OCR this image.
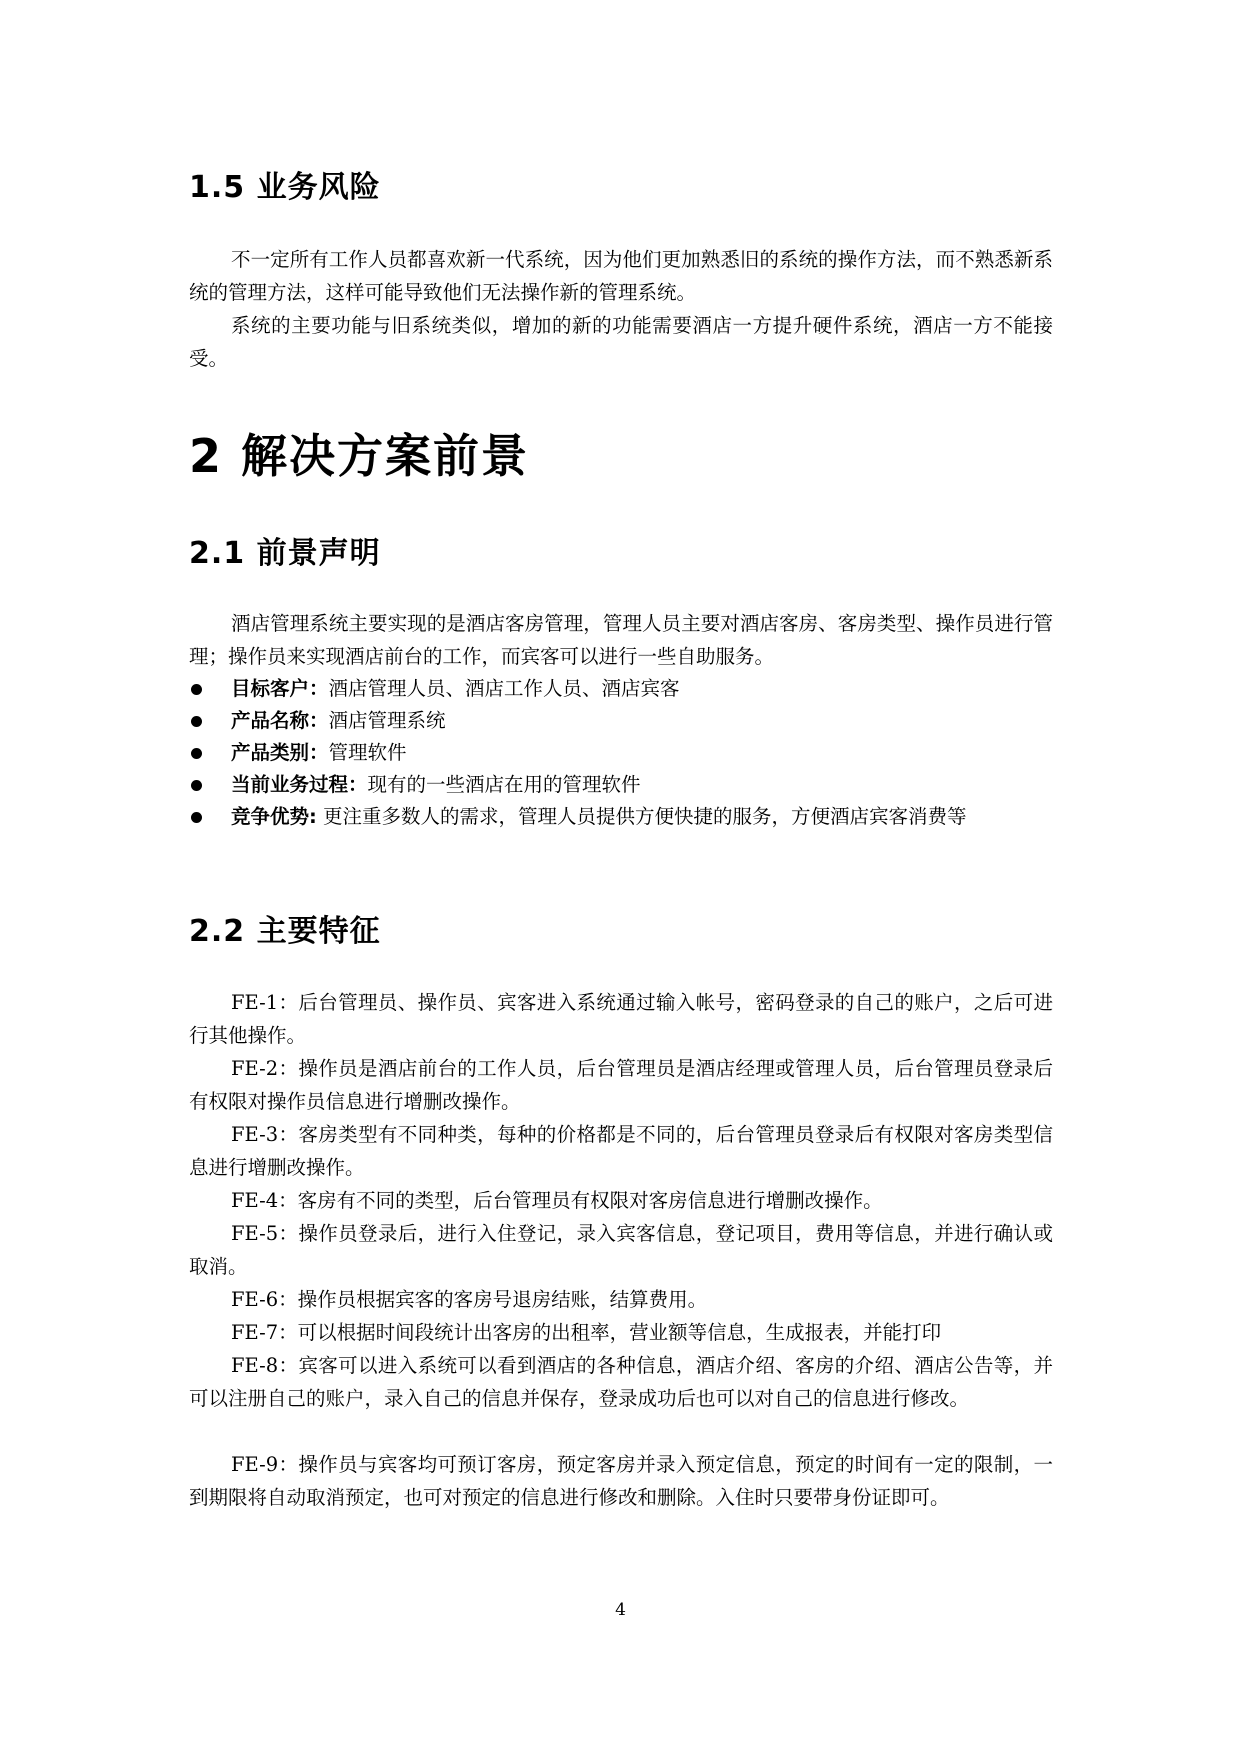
1.5 业务风险
不一定所有工作人员都喜欢新一代系统，因为他们更加熟悉旧的系统的操作方法，而不熟悉新系统的管理方法，这样可能导致他们无法操作新的管理系统。
系统的主要功能与旧系统类似，增加的新的功能需要酒店一方提升硬件系统，酒店一方不能接受。
2 解决方案前景
2.1 前景声明
酒店管理系统主要实现的是酒店客房管理，管理人员主要对酒店客房、客房类型、操作员进行管理；操作员来实现酒店前台的工作，而宾客可以进行一些自助服务。
目标客户：酒店管理人员、酒店工作人员、酒店宾客
产品名称：酒店管理系统
产品类别：管理软件
当前业务过程：现有的一些酒店在用的管理软件
竞争优势: 更注重多数人的需求，管理人员提供方便快捷的服务，方便酒店宾客消费等
2.2 主要特征
FE-1：后台管理员、操作员、宾客进入系统通过输入帐号，密码登录的自己的账户，之后可进行其他操作。
FE-2：操作员是酒店前台的工作人员，后台管理员是酒店经理或管理人员，后台管理员登录后有权限对操作员信息进行增删改操作。
FE-3：客房类型有不同种类，每种的价格都是不同的，后台管理员登录后有权限对客房类型信息进行增删改操作。
FE-4：客房有不同的类型，后台管理员有权限对客房信息进行增删改操作。
FE-5：操作员登录后，进行入住登记，录入宾客信息，登记项目，费用等信息，并进行确认或取消。
FE-6：操作员根据宾客的客房号退房结账，结算费用。
FE-7：可以根据时间段统计出客房的出租率，营业额等信息，生成报表，并能打印
FE-8：宾客可以进入系统可以看到酒店的各种信息，酒店介绍、客房的介绍、酒店公告等，并可以注册自己的账户，录入自己的信息并保存，登录成功后也可以对自己的信息进行修改。
FE-9：操作员与宾客均可预订客房，预定客房并录入预定信息，预定的时间有一定的限制，一到期限将自动取消预定，也可对预定的信息进行修改和删除。入住时只要带身份证即可。
4
